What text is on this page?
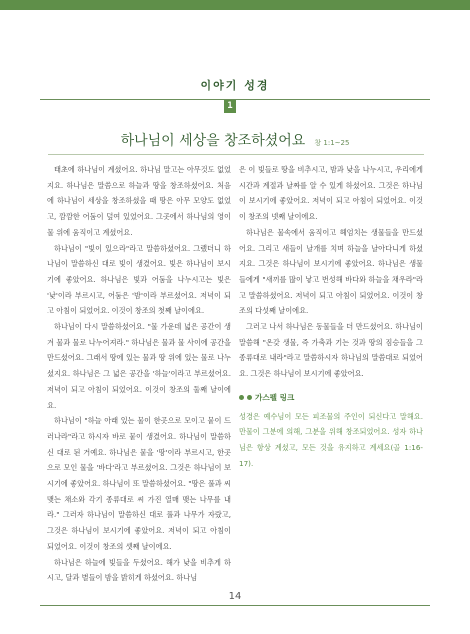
이야기 성경
1
하나님이 세상을 창조하셨어요 창 1:1~25

태초에 하나님이 계셨어요. 하나님 말고는 아무것도 없었지요. 하나님은 말씀으로 하늘과 땅을 창조하셨어요. 처음에 하나님이 세상을 창조하셨을 때 땅은 아무 모양도 없었고, 깜깜한 어둠이 덮여 있었어요. 그곳에서 하나님의 영이 물 위에 움직이고 계셨어요.

하나님이 "빛이 있으라"라고 말씀하셨어요. 그랬더니 하나님이 말씀하신 대로 빛이 생겼어요. 빛은 하나님이 보시기에 좋았어요. 하나님은 빛과 어둠을 나누시고는 빛은 '낮'이라 부르시고, 어둠은 '밤'이라 부르셨어요. 저녁이 되고 아침이 되었어요. 이것이 창조의 첫째 날이에요.

하나님이 다시 말씀하셨어요. "물 가운데 넓은 공간이 생겨 물과 물로 나누어져라." 하나님은 물과 물 사이에 공간을 만드셨어요. 그래서 땅에 있는 물과 땅 위에 있는 물로 나누셨지요. 하나님은 그 넓은 공간을 '하늘'이라고 부르셨어요. 저녁이 되고 아침이 되었어요. 이것이 창조의 둘째 날이에요.

하나님이 "하늘 아래 있는 물이 한곳으로 모이고 뭍이 드러나라"라고 하시자 바로 뭍이 생겼어요. 하나님이 말씀하신 대로 된 거예요. 하나님은 뭍을 '땅'이라 부르시고, 한곳으로 모인 물을 '바다'라고 부르셨어요. 그것은 하나님이 보시기에 좋았어요. 하나님이 또 말씀하셨어요. "땅은 풀과 씨 맺는 채소와 각기 종류대로 씨 가진 열매 맺는 나무를 내라." 그러자 하나님이 말씀하신 대로 풀과 나무가 자랐고, 그것은 하나님이 보시기에 좋았어요. 저녁이 되고 아침이 되었어요. 이것이 창조의 셋째 날이에요.

하나님은 하늘에 빛들을 두셨어요. 해가 낮을 비추게 하시고, 달과 별들이 밤을 밝히게 하셨어요. 하나님

은 이 빛들로 땅을 비추시고, 밤과 낮을 나누시고, 우리에게 시간과 계절과 날짜를 알 수 있게 하셨어요. 그것은 하나님이 보시기에 좋았어요. 저녁이 되고 아침이 되었어요. 이것이 창조의 넷째 날이에요.

하나님은 물속에서 움직이고 헤엄치는 생물들을 만드셨어요. 그리고 새들이 날개를 치며 하늘을 날아다니게 하셨지요. 그것은 하나님이 보시기에 좋았어요. 하나님은 생물들에게 "새끼를 많이 낳고 번성해 바다와 하늘을 채우라"라고 말씀하셨어요. 저녁이 되고 아침이 되었어요. 이것이 창조의 다섯째 날이에요.

그러고 나서 하나님은 동물들을 더 만드셨어요. 하나님이 말씀해 "온갖 생물, 즉 가축과 기는 것과 땅의 짐승들을 그 종류대로 내라"라고 말씀하시자 하나님의 말씀대로 되었어요. 그것은 하나님이 보시기에 좋았어요.

가스펠 링크

성경은 예수님이 모든 피조물의 주인이 되신다고 말해요. 만물이 그분에 의해, 그분을 위해 창조되었어요. 성자 하나님은 항상 계셨고, 모든 것을 유지하고 계세요(골 1:16-17).

14
